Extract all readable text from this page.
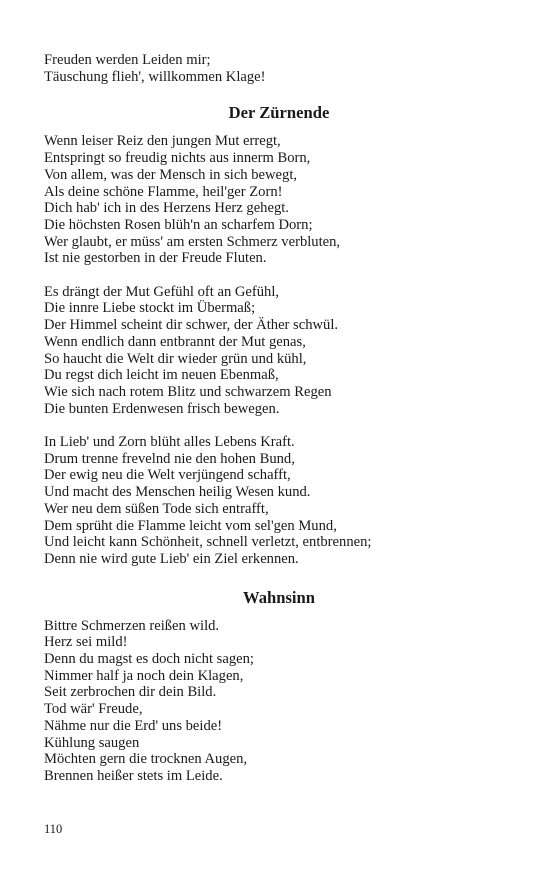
Freuden werden Leiden mir;
Täuschung flieh', willkommen Klage!
Der Zürnende
Wenn leiser Reiz den jungen Mut erregt,
Entspringt so freudig nichts aus innerm Born,
Von allem, was der Mensch in sich bewegt,
Als deine schöne Flamme, heil'ger Zorn!
Dich hab' ich in des Herzens Herz gehegt.
Die höchsten Rosen blüh'n an scharfem Dorn;
Wer glaubt, er müss' am ersten Schmerz verbluten,
Ist nie gestorben in der Freude Fluten.
Es drängt der Mut Gefühl oft an Gefühl,
Die innre Liebe stockt im Übermaß;
Der Himmel scheint dir schwer, der Äther schwül.
Wenn endlich dann entbrannt der Mut genas,
So haucht die Welt dir wieder grün und kühl,
Du regst dich leicht im neuen Ebenmaß,
Wie sich nach rotem Blitz und schwarzem Regen
Die bunten Erdenwesen frisch bewegen.
In Lieb' und Zorn blüht alles Lebens Kraft.
Drum trenne frevelnd nie den hohen Bund,
Der ewig neu die Welt verjüngend schafft,
Und macht des Menschen heilig Wesen kund.
Wer neu dem süßen Tode sich entrafft,
Dem sprüht die Flamme leicht vom sel'gen Mund,
Und leicht kann Schönheit, schnell verletzt, entbrennen;
Denn nie wird gute Lieb' ein Ziel erkennen.
Wahnsinn
Bittre Schmerzen reißen wild.
Herz sei mild!
Denn du magst es doch nicht sagen;
Nimmer half ja noch dein Klagen,
Seit zerbrochen dir dein Bild.
Tod wär' Freude,
Nähme nur die Erd' uns beide!
Kühlung saugen
Möchten gern die trocknen Augen,
Brennen heißer stets im Leide.
110
